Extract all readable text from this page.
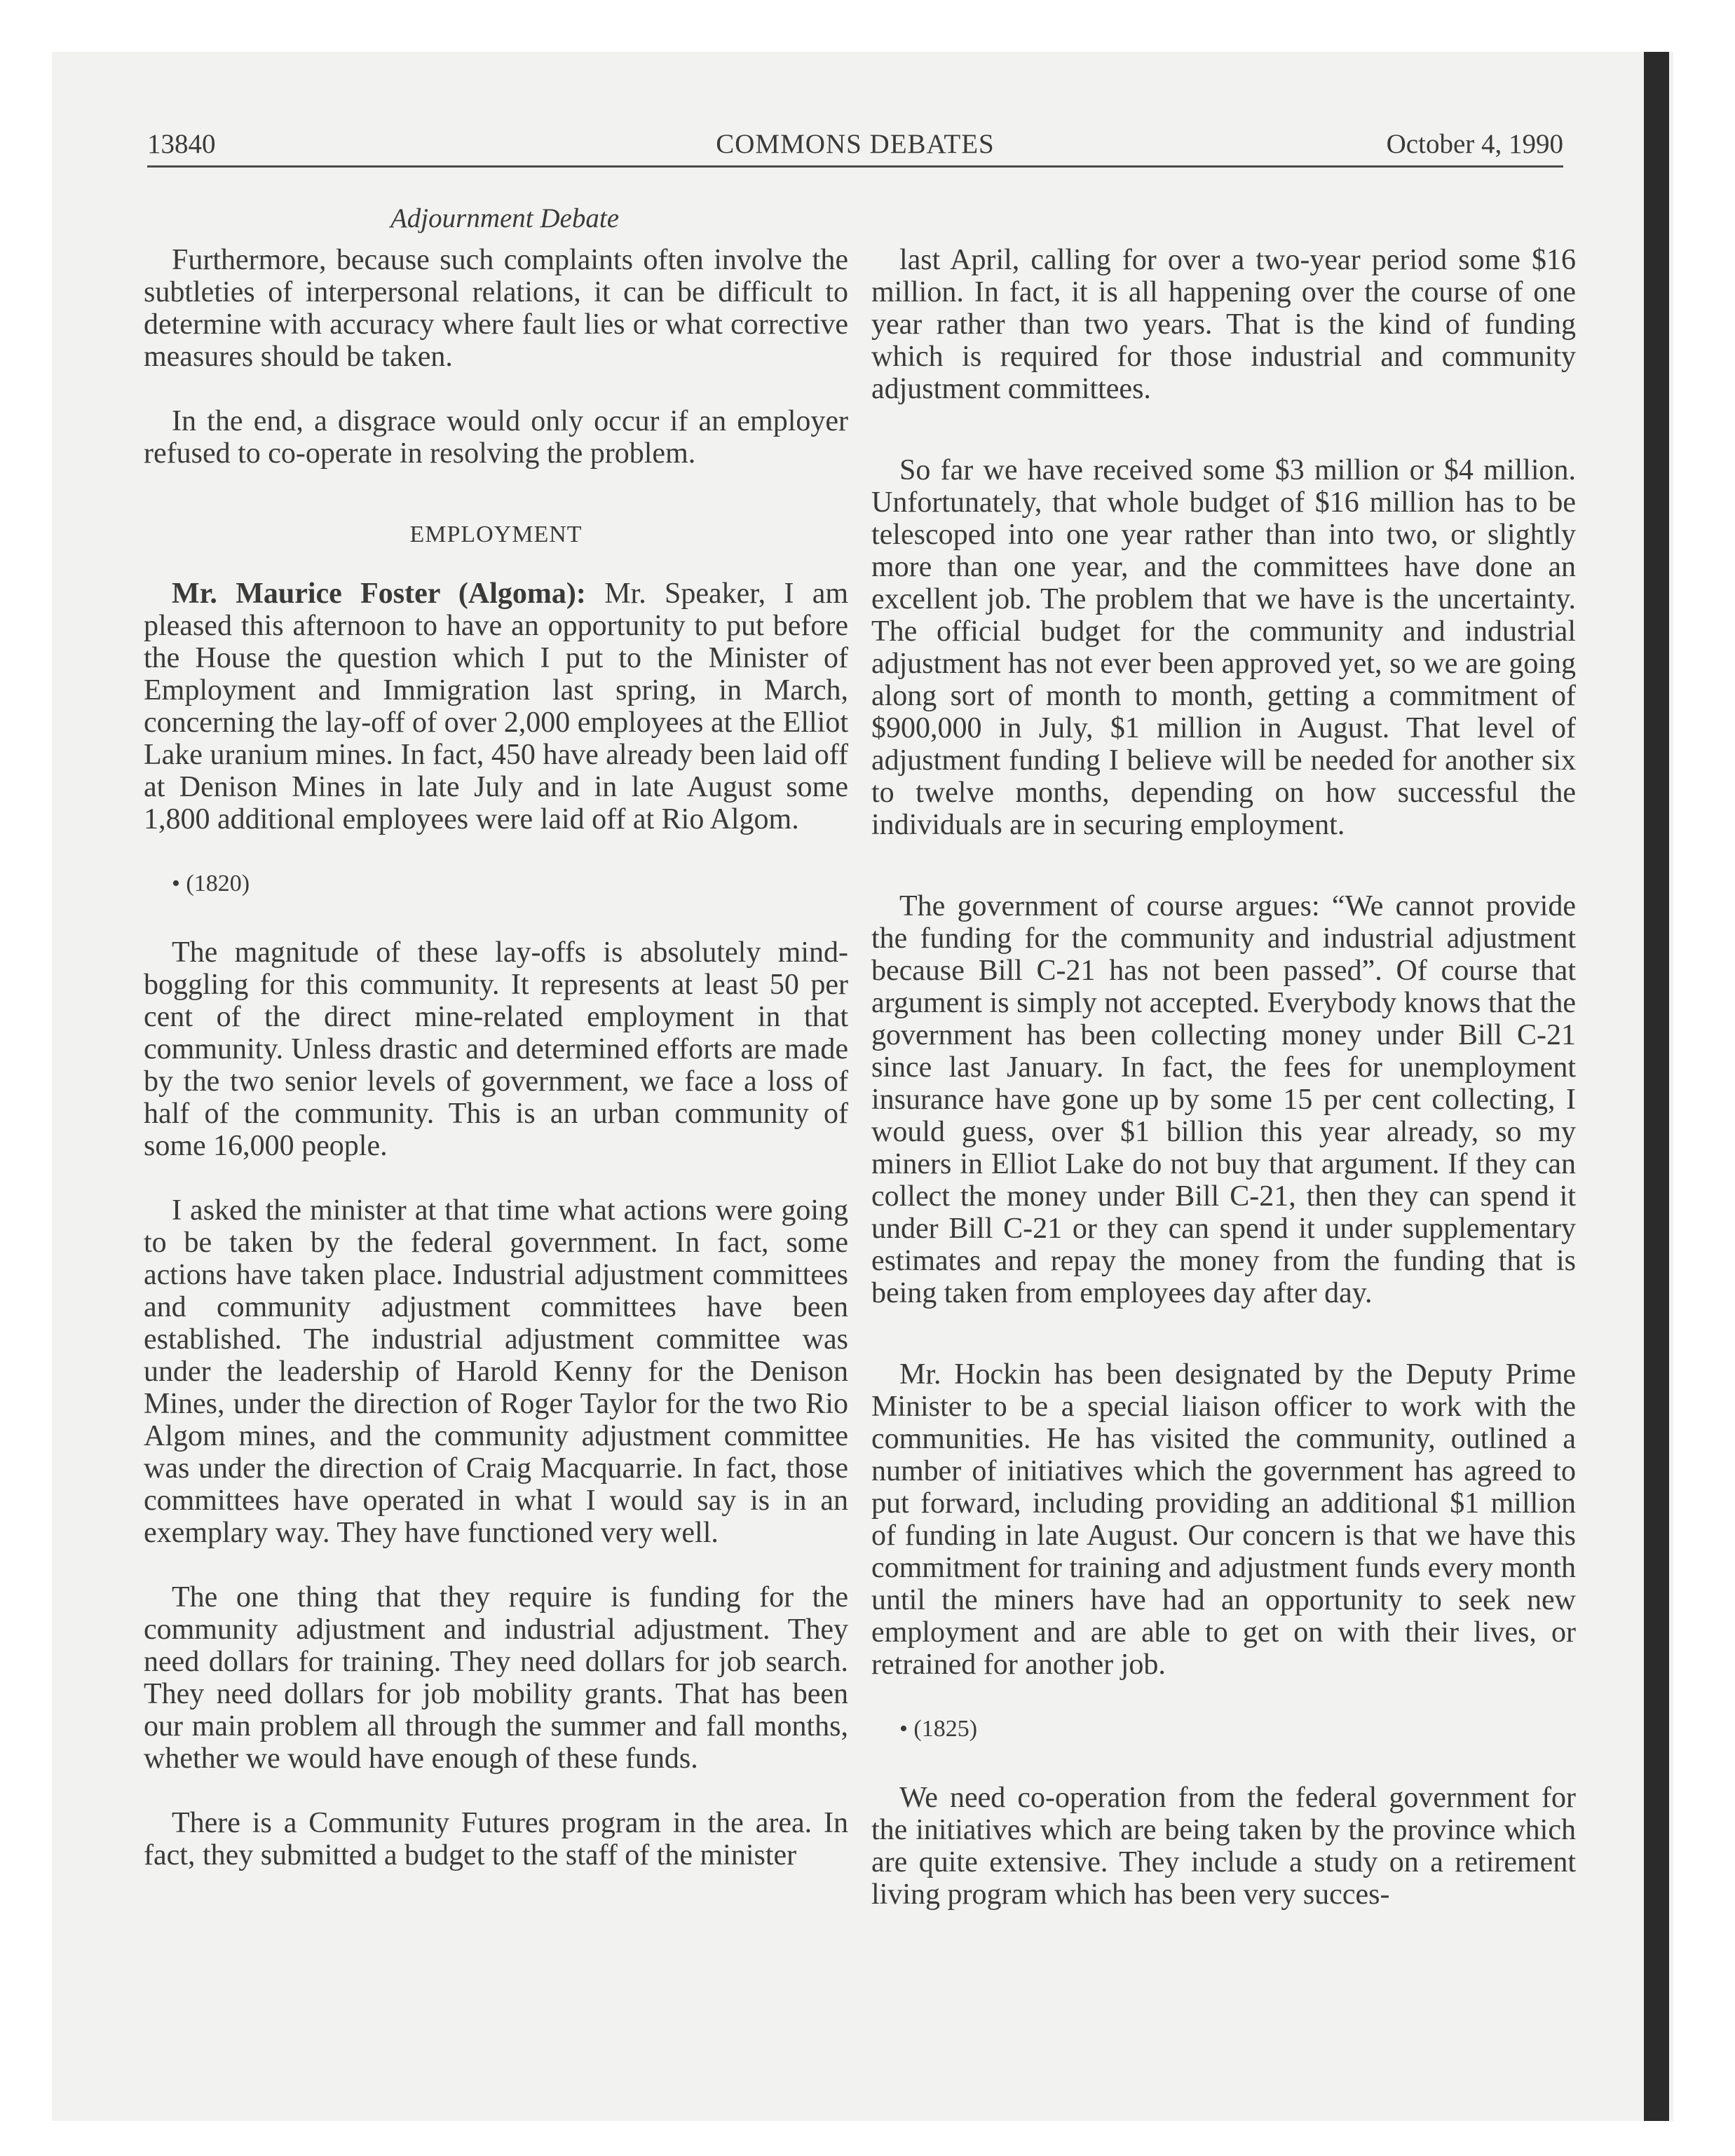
13840	COMMONS DEBATES	October 4, 1990
Adjournment Debate

Furthermore, because such complaints often involve the subtleties of interpersonal relations, it can be difficult to determine with accuracy where fault lies or what corrective measures should be taken.

In the end, a disgrace would only occur if an employer refused to co-operate in resolving the problem.

EMPLOYMENT

Mr. Maurice Foster (Algoma): Mr. Speaker, I am pleased this afternoon to have an opportunity to put before the House the question which I put to the Minister of Employment and Immigration last spring, in March, concerning the lay-off of over 2,000 employees at the Elliot Lake uranium mines. In fact, 450 have already been laid off at Denison Mines in late July and in late August some 1,800 additional employees were laid off at Rio Algom.

• (1820)

The magnitude of these lay-offs is absolutely mind-boggling for this community. It represents at least 50 per cent of the direct mine-related employment in that community. Unless drastic and determined efforts are made by the two senior levels of government, we face a loss of half of the community. This is an urban community of some 16,000 people.

I asked the minister at that time what actions were going to be taken by the federal government. In fact, some actions have taken place. Industrial adjustment committees and community adjustment committees have been established. The industrial adjustment committee was under the leadership of Harold Kenny for the Denison Mines, under the direction of Roger Taylor for the two Rio Algom mines, and the community adjustment committee was under the direction of Craig Macquarrie. In fact, those committees have operated in what I would say is in an exemplary way. They have functioned very well.

The one thing that they require is funding for the community adjustment and industrial adjustment. They need dollars for training. They need dollars for job search. They need dollars for job mobility grants. That has been our main problem all through the summer and fall months, whether we would have enough of these funds.

There is a Community Futures program in the area. In fact, they submitted a budget to the staff of the minister

last April, calling for over a two-year period some $16 million. In fact, it is all happening over the course of one year rather than two years. That is the kind of funding which is required for those industrial and community adjustment committees.

So far we have received some $3 million or $4 million. Unfortunately, that whole budget of $16 million has to be telescoped into one year rather than into two, or slightly more than one year, and the committees have done an excellent job. The problem that we have is the uncertainty. The official budget for the community and industrial adjustment has not ever been approved yet, so we are going along sort of month to month, getting a commitment of $900,000 in July, $1 million in August. That level of adjustment funding I believe will be needed for another six to twelve months, depending on how successful the individuals are in securing employment.

The government of course argues: “We cannot provide the funding for the community and industrial adjustment because Bill C-21 has not been passed”. Of course that argument is simply not accepted. Everybody knows that the government has been collecting money under Bill C-21 since last January. In fact, the fees for unemployment insurance have gone up by some 15 per cent collecting, I would guess, over $1 billion this year already, so my miners in Elliot Lake do not buy that argument. If they can collect the money under Bill C-21, then they can spend it under Bill C-21 or they can spend it under supplementary estimates and repay the money from the funding that is being taken from employees day after day.

Mr. Hockin has been designated by the Deputy Prime Minister to be a special liaison officer to work with the communities. He has visited the community, outlined a number of initiatives which the government has agreed to put forward, including providing an additional $1 million of funding in late August. Our concern is that we have this commitment for training and adjustment funds every month until the miners have had an opportunity to seek new employment and are able to get on with their lives, or retrained for another job.

• (1825)

We need co-operation from the federal government for the initiatives which are being taken by the province which are quite extensive. They include a study on a retirement living program which has been very succes-
